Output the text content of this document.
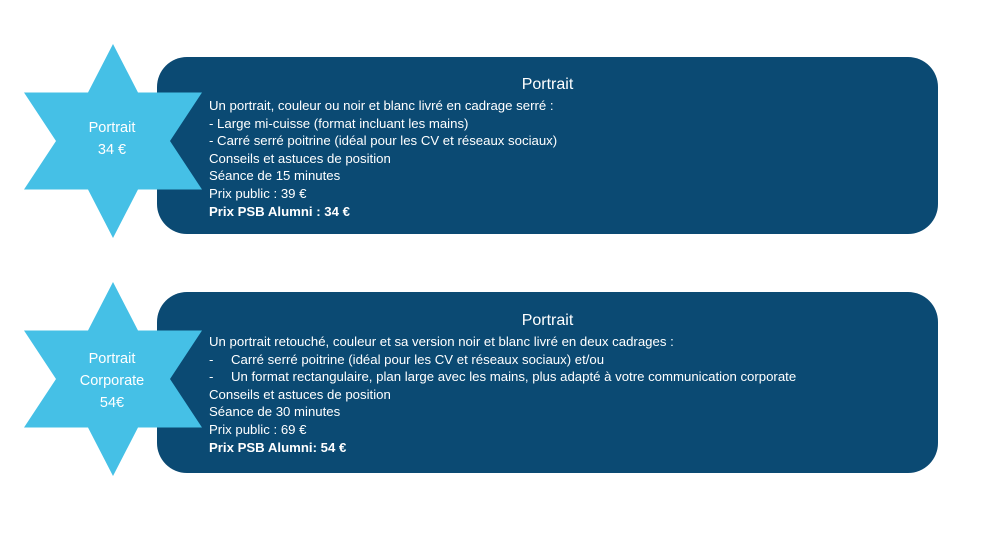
Portrait
Un portrait, couleur ou noir et blanc livré en cadrage serré :
- Large mi-cuisse (format incluant les mains)
- Carré serré poitrine (idéal pour les CV et réseaux sociaux)
Conseils et astuces de position
Séance de 15 minutes
Prix public : 39 €
Prix PSB Alumni : 34 €
Portrait
34 €
Portrait
Un portrait retouché, couleur et sa version noir et blanc livré en deux cadrages :
- Carré serré poitrine (idéal pour les CV et réseaux sociaux) et/ou
- Un format rectangulaire, plan large avec les mains, plus adapté à votre communication corporate
Conseils et astuces de position
Séance de 30 minutes
Prix public : 69 €
Prix PSB Alumni: 54 €
Portrait
Corporate
54€
